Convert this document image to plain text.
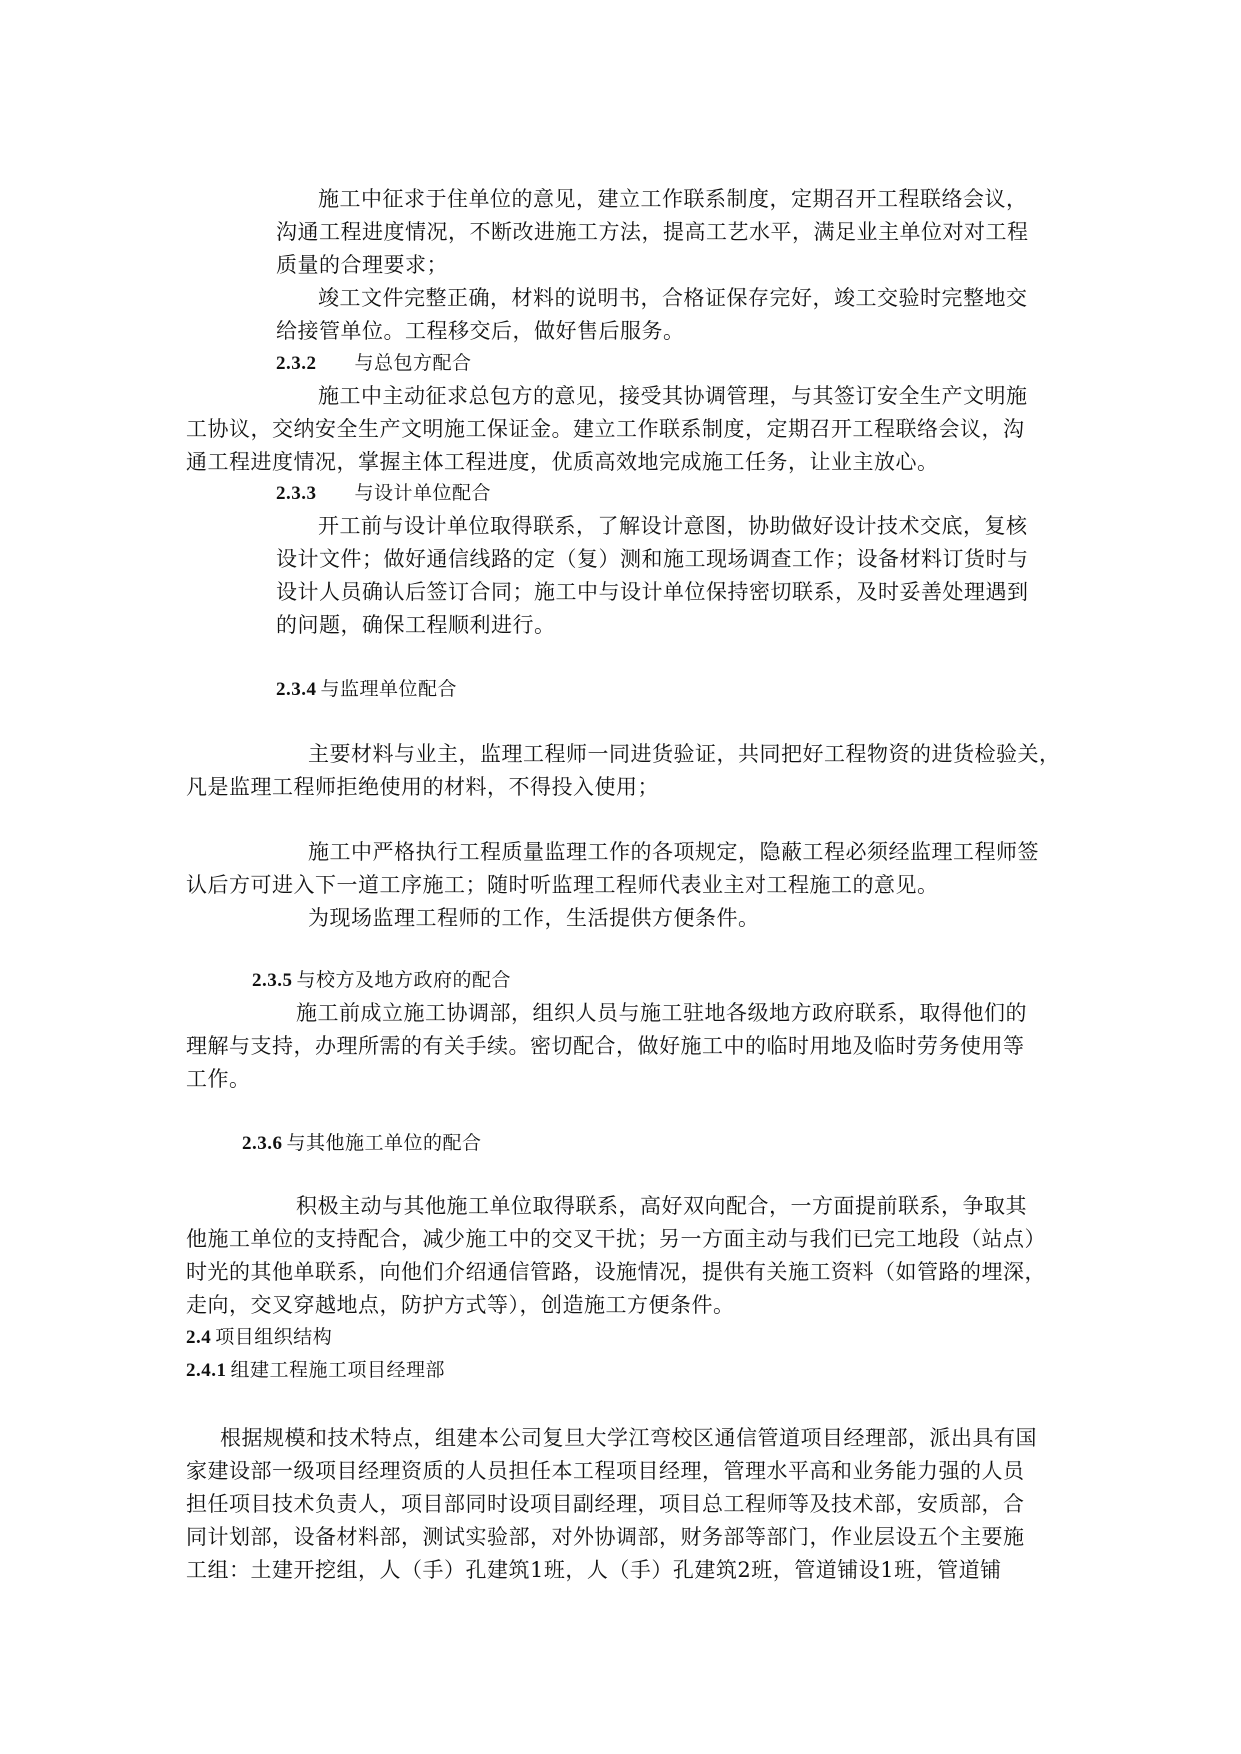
施工中征求于住单位的意见，建立工作联系制度，定期召开工程联络会议，
沟通工程进度情况，不断改进施工方法，提高工艺水平，满足业主单位对对工程
质量的合理要求；
竣工文件完整正确，材料的说明书，合格证保存完好，竣工交验时完整地交
给接管单位。工程移交后，做好售后服务。
2.3.2 与总包方配合
施工中主动征求总包方的意见，接受其协调管理，与其签订安全生产文明施
工协议，交纳安全生产文明施工保证金。建立工作联系制度，定期召开工程联络会议，沟
通工程进度情况，掌握主体工程进度，优质高效地完成施工任务，让业主放心。
2.3.3 与设计单位配合
开工前与设计单位取得联系，了解设计意图，协助做好设计技术交底，复核
设计文件；做好通信线路的定（复）测和施工现场调查工作；设备材料订货时与
设计人员确认后签订合同；施工中与设计单位保持密切联系，及时妥善处理遇到
的问题，确保工程顺利进行。
2.3.4 与监理单位配合
主要材料与业主，监理工程师一同进货验证，共同把好工程物资的进货检验关，
凡是监理工程师拒绝使用的材料，不得投入使用；
施工中严格执行工程质量监理工作的各项规定，隐蔽工程必须经监理工程师签
认后方可进入下一道工序施工；随时听监理工程师代表业主对工程施工的意见。
为现场监理工程师的工作，生活提供方便条件。
2.3.5 与校方及地方政府的配合
施工前成立施工协调部，组织人员与施工驻地各级地方政府联系，取得他们的
理解与支持，办理所需的有关手续。密切配合，做好施工中的临时用地及临时劳务使用等
工作。
2.3.6 与其他施工单位的配合
积极主动与其他施工单位取得联系，高好双向配合，一方面提前联系，争取其
他施工单位的支持配合，减少施工中的交叉干扰；另一方面主动与我们已完工地段（站点）
时光的其他单联系，向他们介绍通信管路，设施情况，提供有关施工资料（如管路的埋深，
走向，交叉穿越地点，防护方式等），创造施工方便条件。
2.4 项目组织结构
2.4.1 组建工程施工项目经理部
根据规模和技术特点，组建本公司复旦大学江弯校区通信管道项目经理部，派出具有国
家建设部一级项目经理资质的人员担任本工程项目经理，管理水平高和业务能力强的人员
担任项目技术负责人，项目部同时设项目副经理，项目总工程师等及技术部，安质部，合
同计划部，设备材料部，测试实验部，对外协调部，财务部等部门，作业层设五个主要施
工组：土建开挖组，人（手）孔建筑1班，人（手）孔建筑2班，管道铺设1班，管道铺
